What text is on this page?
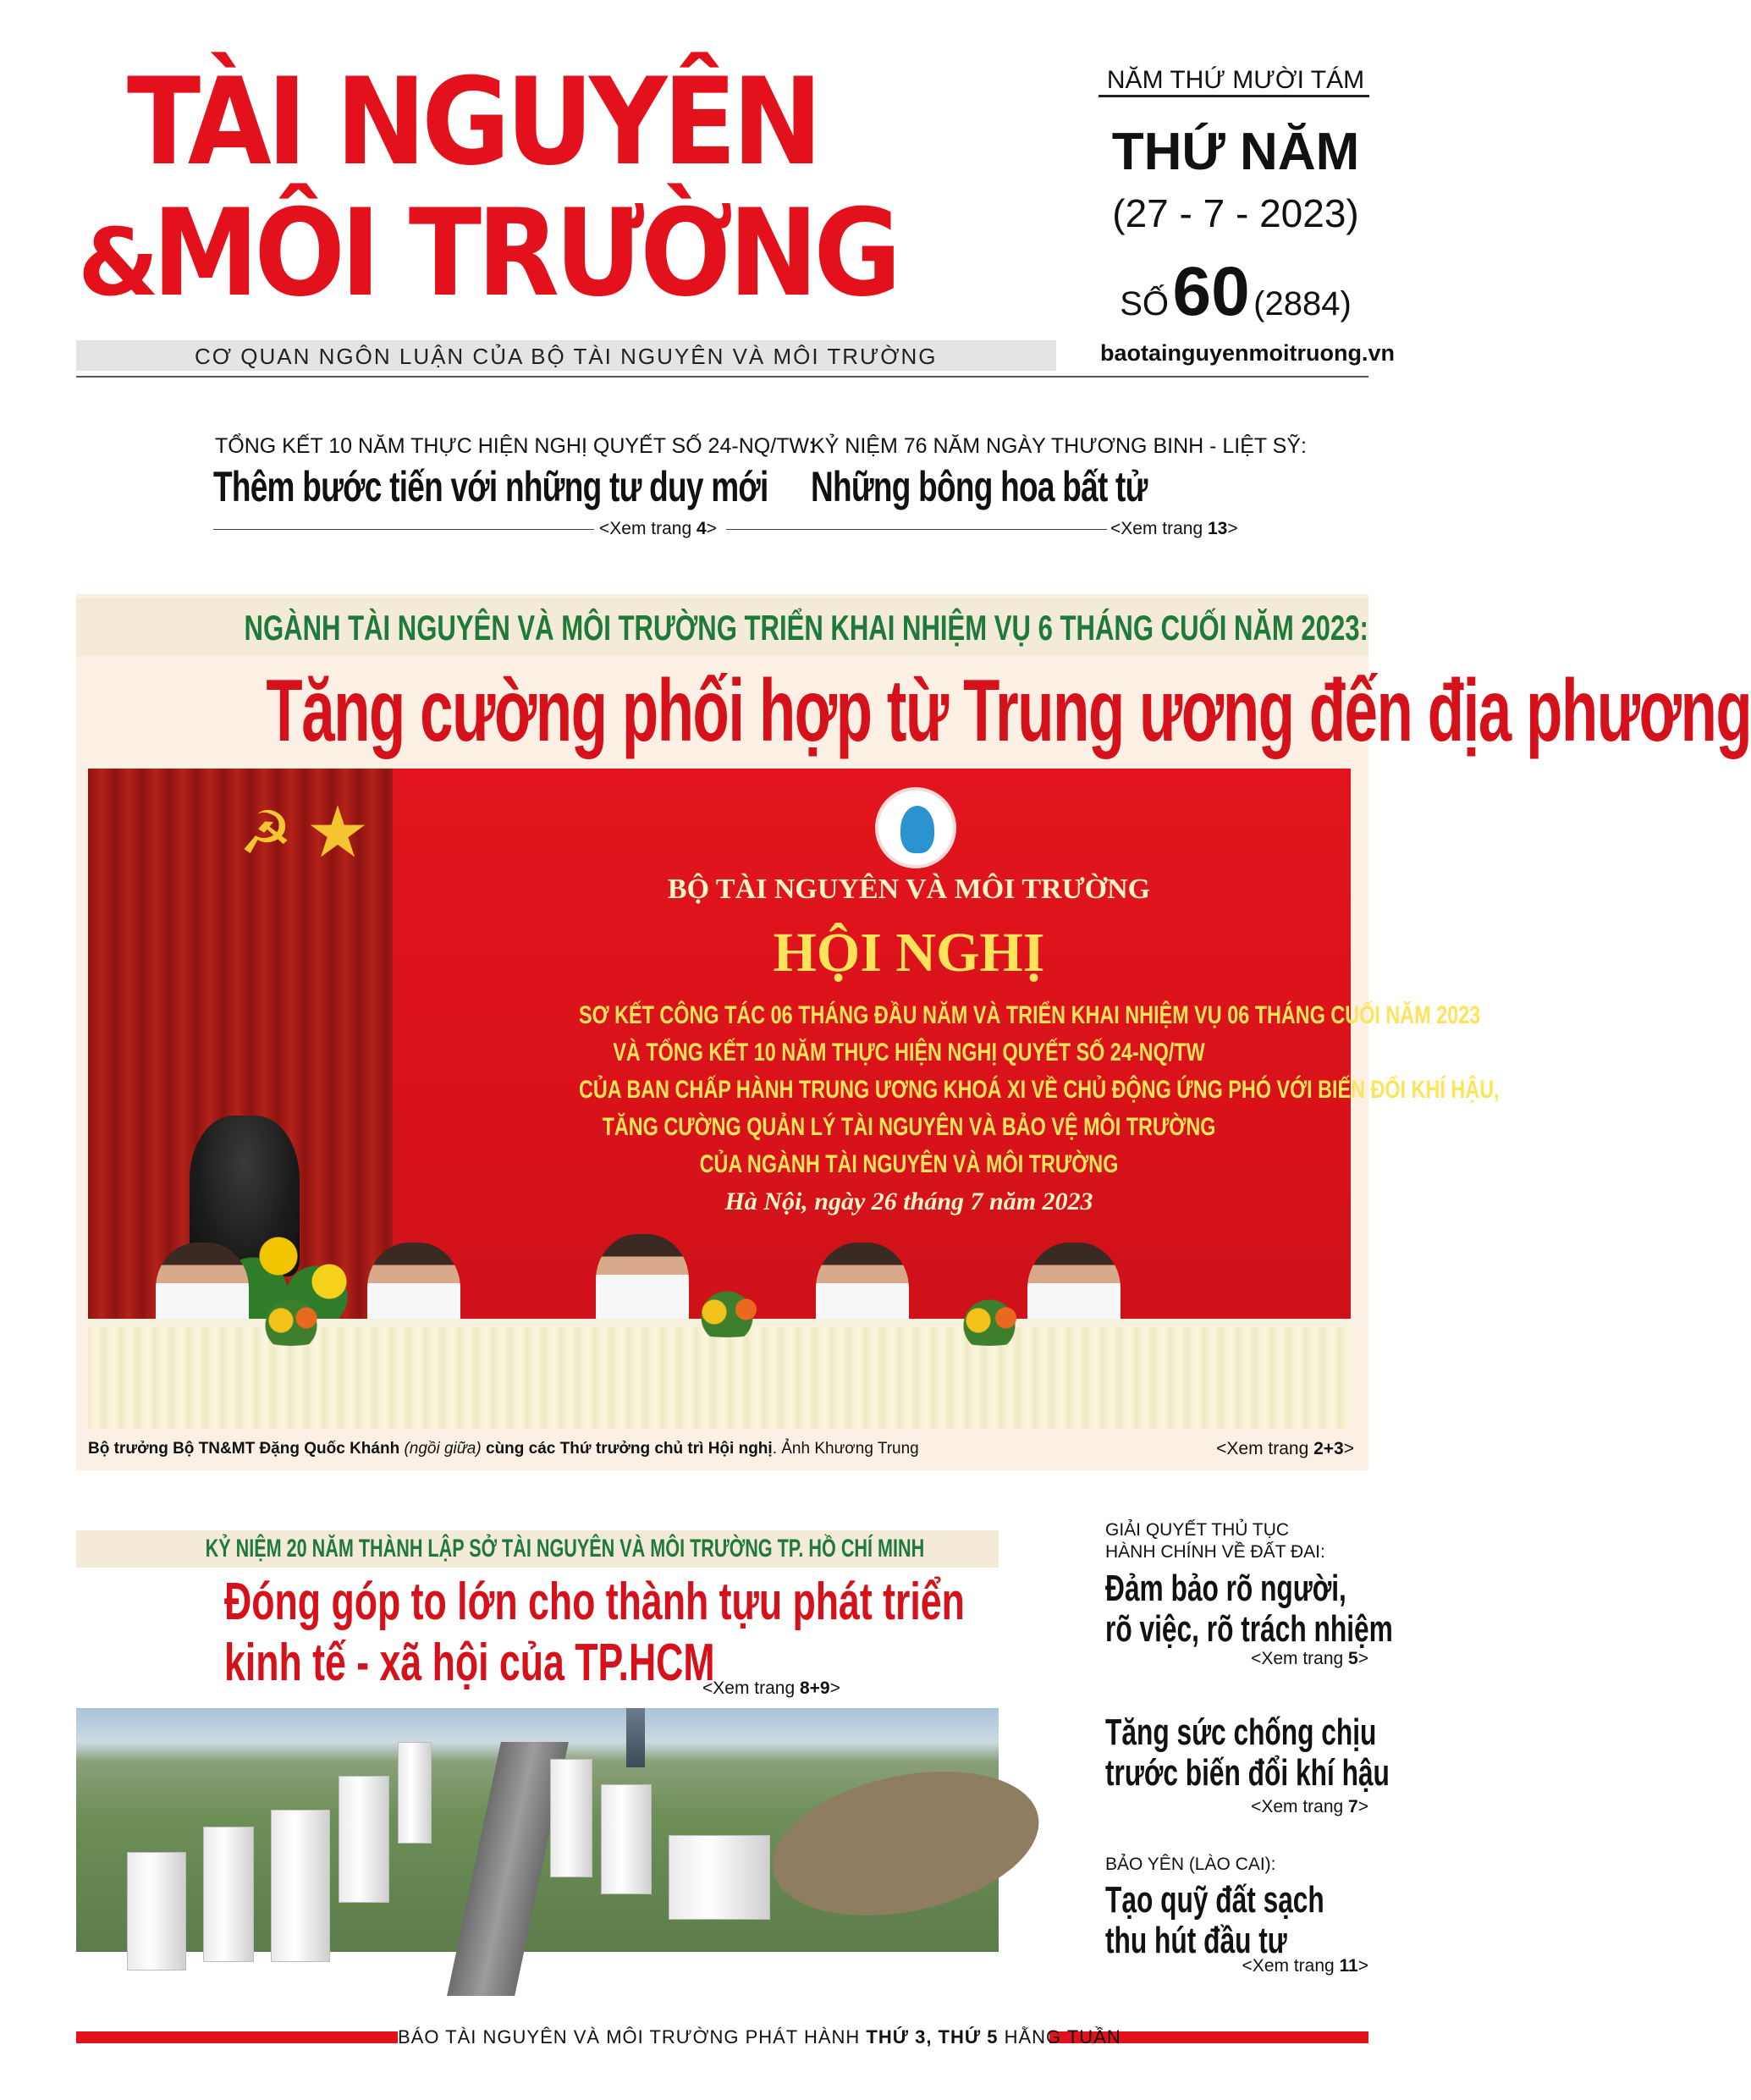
TÀI NGUYÊN
&
MÔI TRƯỜNG
CƠ QUAN NGÔN LUẬN CỦA BỘ TÀI NGUYÊN VÀ MÔI TRƯỜNG
NĂM THỨ MƯỜI TÁM
THỨ NĂM
(27 - 7 - 2023)
SỐ 60 (2884)
baotainguyenmoitruong.vn
TỔNG KẾT 10 NĂM THỰC HIỆN NGHỊ QUYẾT SỐ 24-NQ/TW:
Thêm bước tiến với những tư duy mới
<Xem trang 4>
KỶ NIỆM 76 NĂM NGÀY THƯƠNG BINH - LIỆT SỸ:
Những bông hoa bất tử
<Xem trang 13>
NGÀNH TÀI NGUYÊN VÀ MÔI TRƯỜNG TRIỂN KHAI NHIỆM VỤ 6 THÁNG CUỐI NĂM 2023:
Tăng cường phối hợp từ Trung ương đến địa phương
☭ ★
BỘ TÀI NGUYÊN VÀ MÔI TRƯỜNG
HỘI NGHỊ
SƠ KẾT CÔNG TÁC 06 THÁNG ĐẦU NĂM VÀ TRIỂN KHAI NHIỆM VỤ 06 THÁNG CUỐI NĂM 2023
VÀ TỔNG KẾT 10 NĂM THỰC HIỆN NGHỊ QUYẾT SỐ 24-NQ/TW
CỦA BAN CHẤP HÀNH TRUNG ƯƠNG KHOÁ XI VỀ CHỦ ĐỘNG ỨNG PHÓ VỚI BIẾN ĐỔI KHÍ HẬU,
TĂNG CƯỜNG QUẢN LÝ TÀI NGUYÊN VÀ BẢO VỆ MÔI TRƯỜNG
CỦA NGÀNH TÀI NGUYÊN VÀ MÔI TRƯỜNG
Hà Nội, ngày 26 tháng 7 năm 2023
Bộ trưởng Bộ TN&MT Đặng Quốc Khánh (ngồi giữa) cùng các Thứ trưởng chủ trì Hội nghị. Ảnh Khương Trung	<Xem trang 2+3>
KỶ NIỆM 20 NĂM THÀNH LẬP SỞ TÀI NGUYÊN VÀ MÔI TRƯỜNG TP. HỒ CHÍ MINH
Đóng góp to lớn cho thành tựu phát triển
kinh tế - xã hội của TP.HCM
<Xem trang 8+9>
GIẢI QUYẾT THỦ TỤC
HÀNH CHÍNH VỀ ĐẤT ĐAI:
Đảm bảo rõ người,
rõ việc, rõ trách nhiệm
<Xem trang 5>
Tăng sức chống chịu
trước biến đổi khí hậu
<Xem trang 7>
BẢO YÊN (LÀO CAI):
Tạo quỹ đất sạch
thu hút đầu tư
<Xem trang 11>
BÁO TÀI NGUYÊN VÀ MÔI TRƯỜNG PHÁT HÀNH THỨ 3, THỨ 5 HẰNG TUẦN
